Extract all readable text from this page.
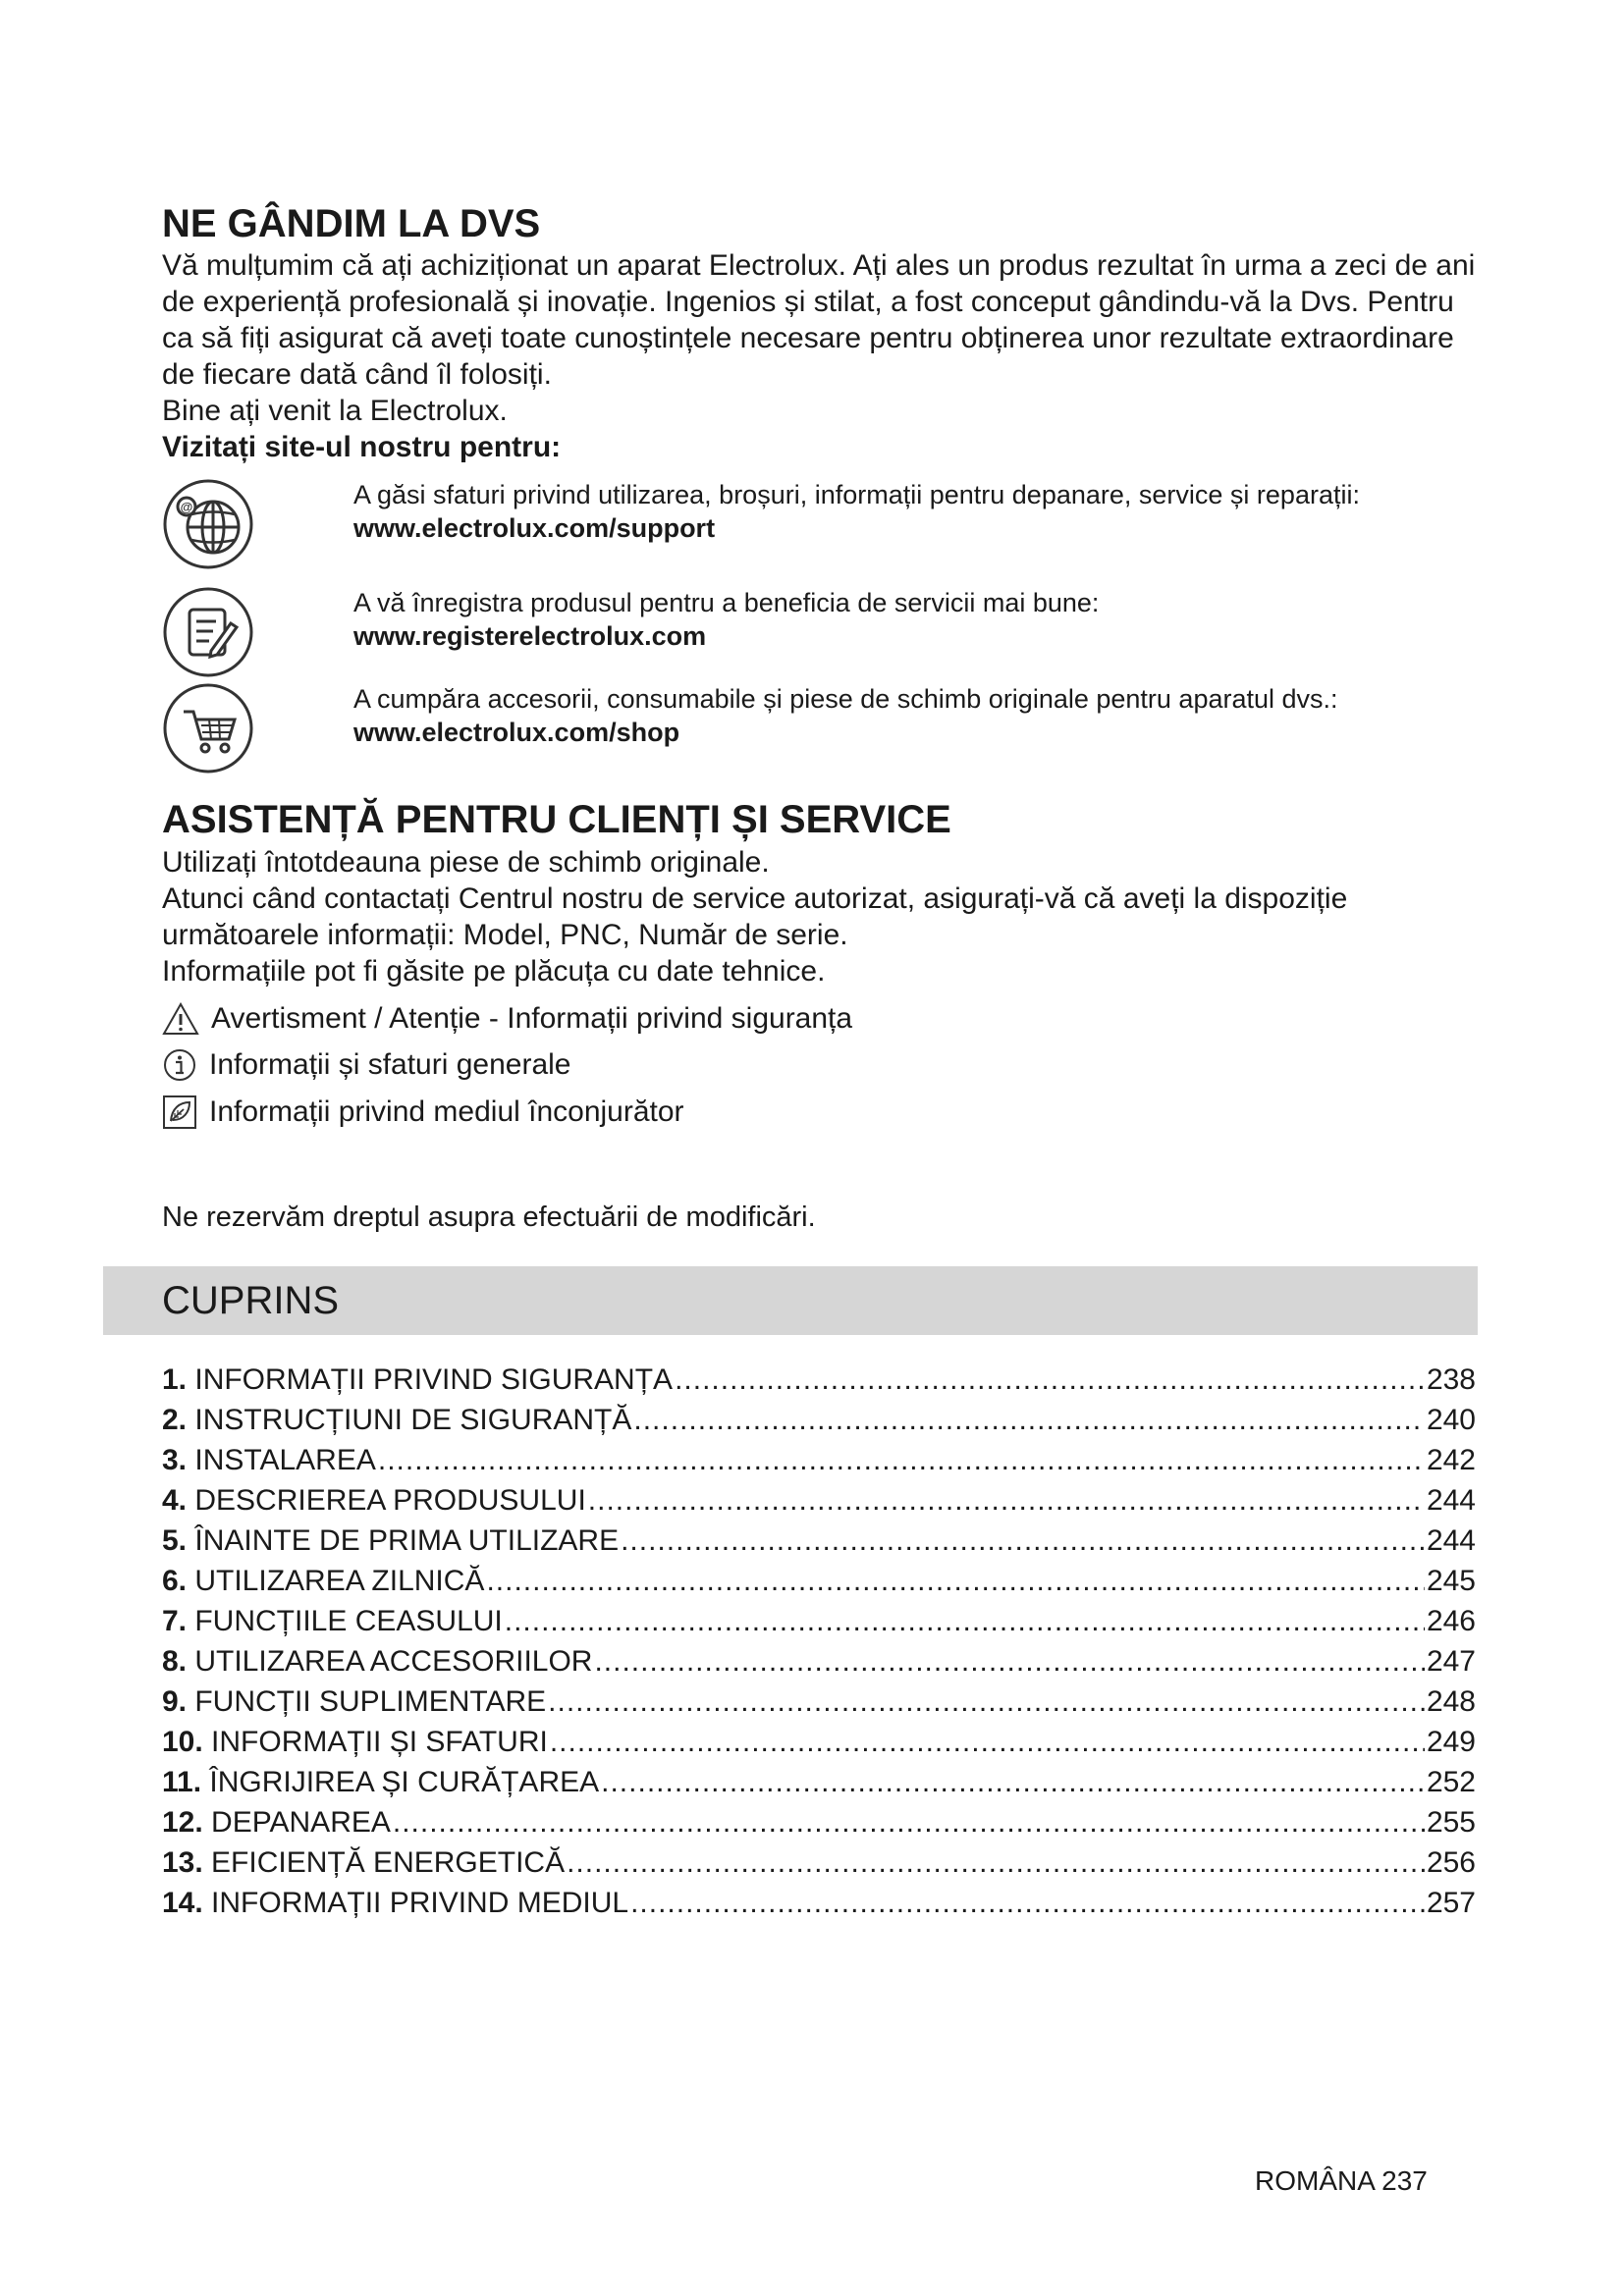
NE GÂNDIM LA DVS

Vă mulțumim că ați achiziționat un aparat Electrolux. Ați ales un produs rezultat în urma a zeci de ani de experiență profesională și inovație. Ingenios și stilat, a fost conceput gândindu-vă la Dvs. Pentru ca să fiți asigurat că aveți toate cunoștințele necesare pentru obținerea unor rezultate extraordinare de fiecare dată când îl folosiți.

Bine ați venit la Electrolux.

Vizitați site-ul nostru pentru:

@	A găsi sfaturi privind utilizarea, broșuri, informații pentru depanare, service și reparații:
www.electrolux.com/support
A vă înregistra produsul pentru a beneficia de servicii mai bune:
www.registerelectrolux.com
A cumpăra accesorii, consumabile și piese de schimb originale pentru aparatul dvs.:
www.electrolux.com/shop
ASISTENȚĂ PENTRU CLIENȚI ȘI SERVICE

Utilizați întotdeauna piese de schimb originale.

Atunci când contactați Centrul nostru de service autorizat, asigurați-vă că aveți la dispoziție următoarele informații: Model, PNC, Număr de serie.

Informațiile pot fi găsite pe plăcuța cu date tehnice.

Avertisment / Atenție - Informații privind siguranța
Informații și sfaturi generale
Informații privind mediul înconjurător
Ne rezervăm dreptul asupra efectuării de modificări.
CUPRINS
1. INFORMAȚII PRIVIND SIGURANȚA .....	238
2. INSTRUCȚIUNI DE SIGURANȚĂ .....	240
3. INSTALAREA .....	242
4. DESCRIEREA PRODUSULUI .....	244
5. ÎNAINTE DE PRIMA UTILIZARE .....	244
6. UTILIZAREA ZILNICĂ .....	245
7. FUNCȚIILE CEASULUI .....	246
8. UTILIZAREA ACCESORIILOR .....	247
9. FUNCȚII SUPLIMENTARE .....	248
10. INFORMAȚII ȘI SFATURI .....	249
11. ÎNGRIJIREA ȘI CURĂȚAREA .....	252
12. DEPANAREA .....	255
13. EFICIENȚĂ ENERGETICĂ .....	256
14. INFORMAȚII PRIVIND MEDIUL .....	257
ROMÂNA 237
